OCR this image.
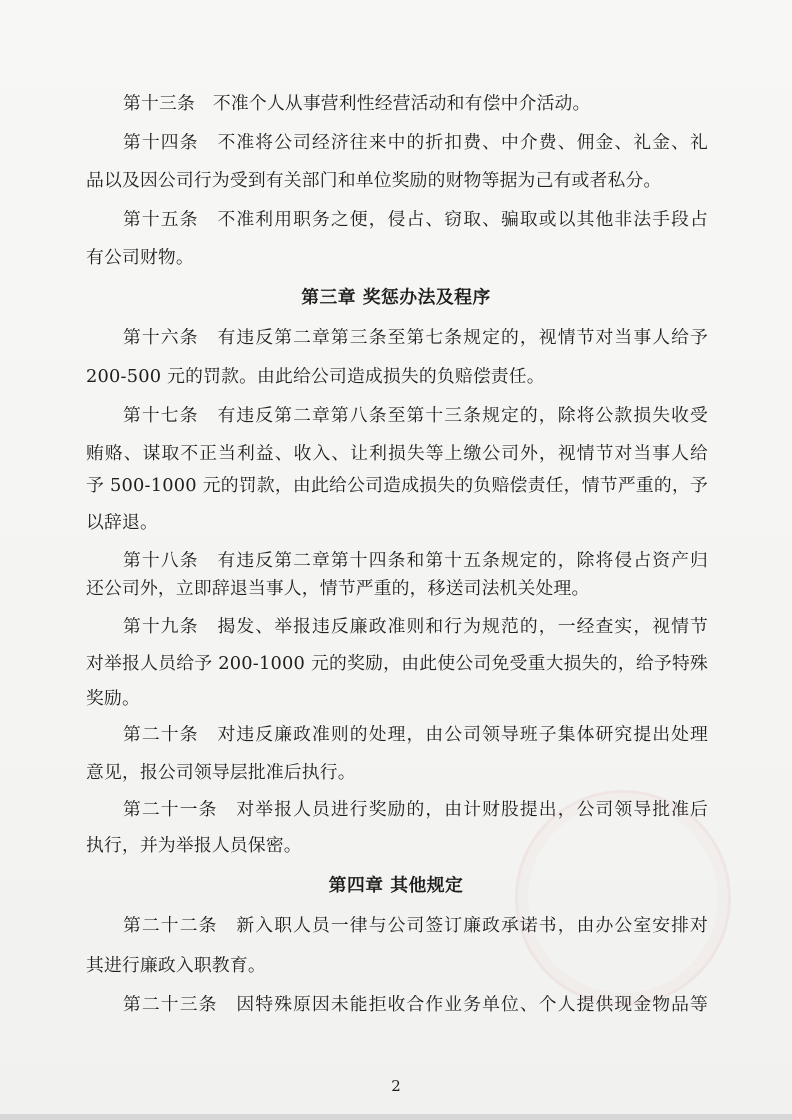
第十三条　不准个人从事营利性经营活动和有偿中介活动。
第十四条　不准将公司经济往来中的折扣费、中介费、佣金、礼金、礼
品以及因公司行为受到有关部门和单位奖励的财物等据为己有或者私分。
第十五条　不准利用职务之便，侵占、窃取、骗取或以其他非法手段占
有公司财物。
第三章 奖惩办法及程序
第十六条　有违反第二章第三条至第七条规定的，视情节对当事人给予
200-500 元的罚款。由此给公司造成损失的负赔偿责任。
第十七条　有违反第二章第八条至第十三条规定的，除将公款损失收受
贿赂、谋取不正当利益、收入、让利损失等上缴公司外，视情节对当事人给
予 500-1000 元的罚款，由此给公司造成损失的负赔偿责任，情节严重的，予
以辞退。
第十八条　有违反第二章第十四条和第十五条规定的，除将侵占资产归
还公司外，立即辞退当事人，情节严重的，移送司法机关处理。
第十九条　揭发、举报违反廉政准则和行为规范的，一经查实，视情节
对举报人员给予 200-1000 元的奖励，由此使公司免受重大损失的，给予特殊
奖励。
第二十条　对违反廉政准则的处理，由公司领导班子集体研究提出处理
意见，报公司领导层批准后执行。
第二十一条　对举报人员进行奖励的，由计财股提出，公司领导批准后
执行，并为举报人员保密。
第四章 其他规定
第二十二条　新入职人员一律与公司签订廉政承诺书，由办公室安排对
其进行廉政入职教育。
第二十三条　因特殊原因未能拒收合作业务单位、个人提供现金物品等
2
